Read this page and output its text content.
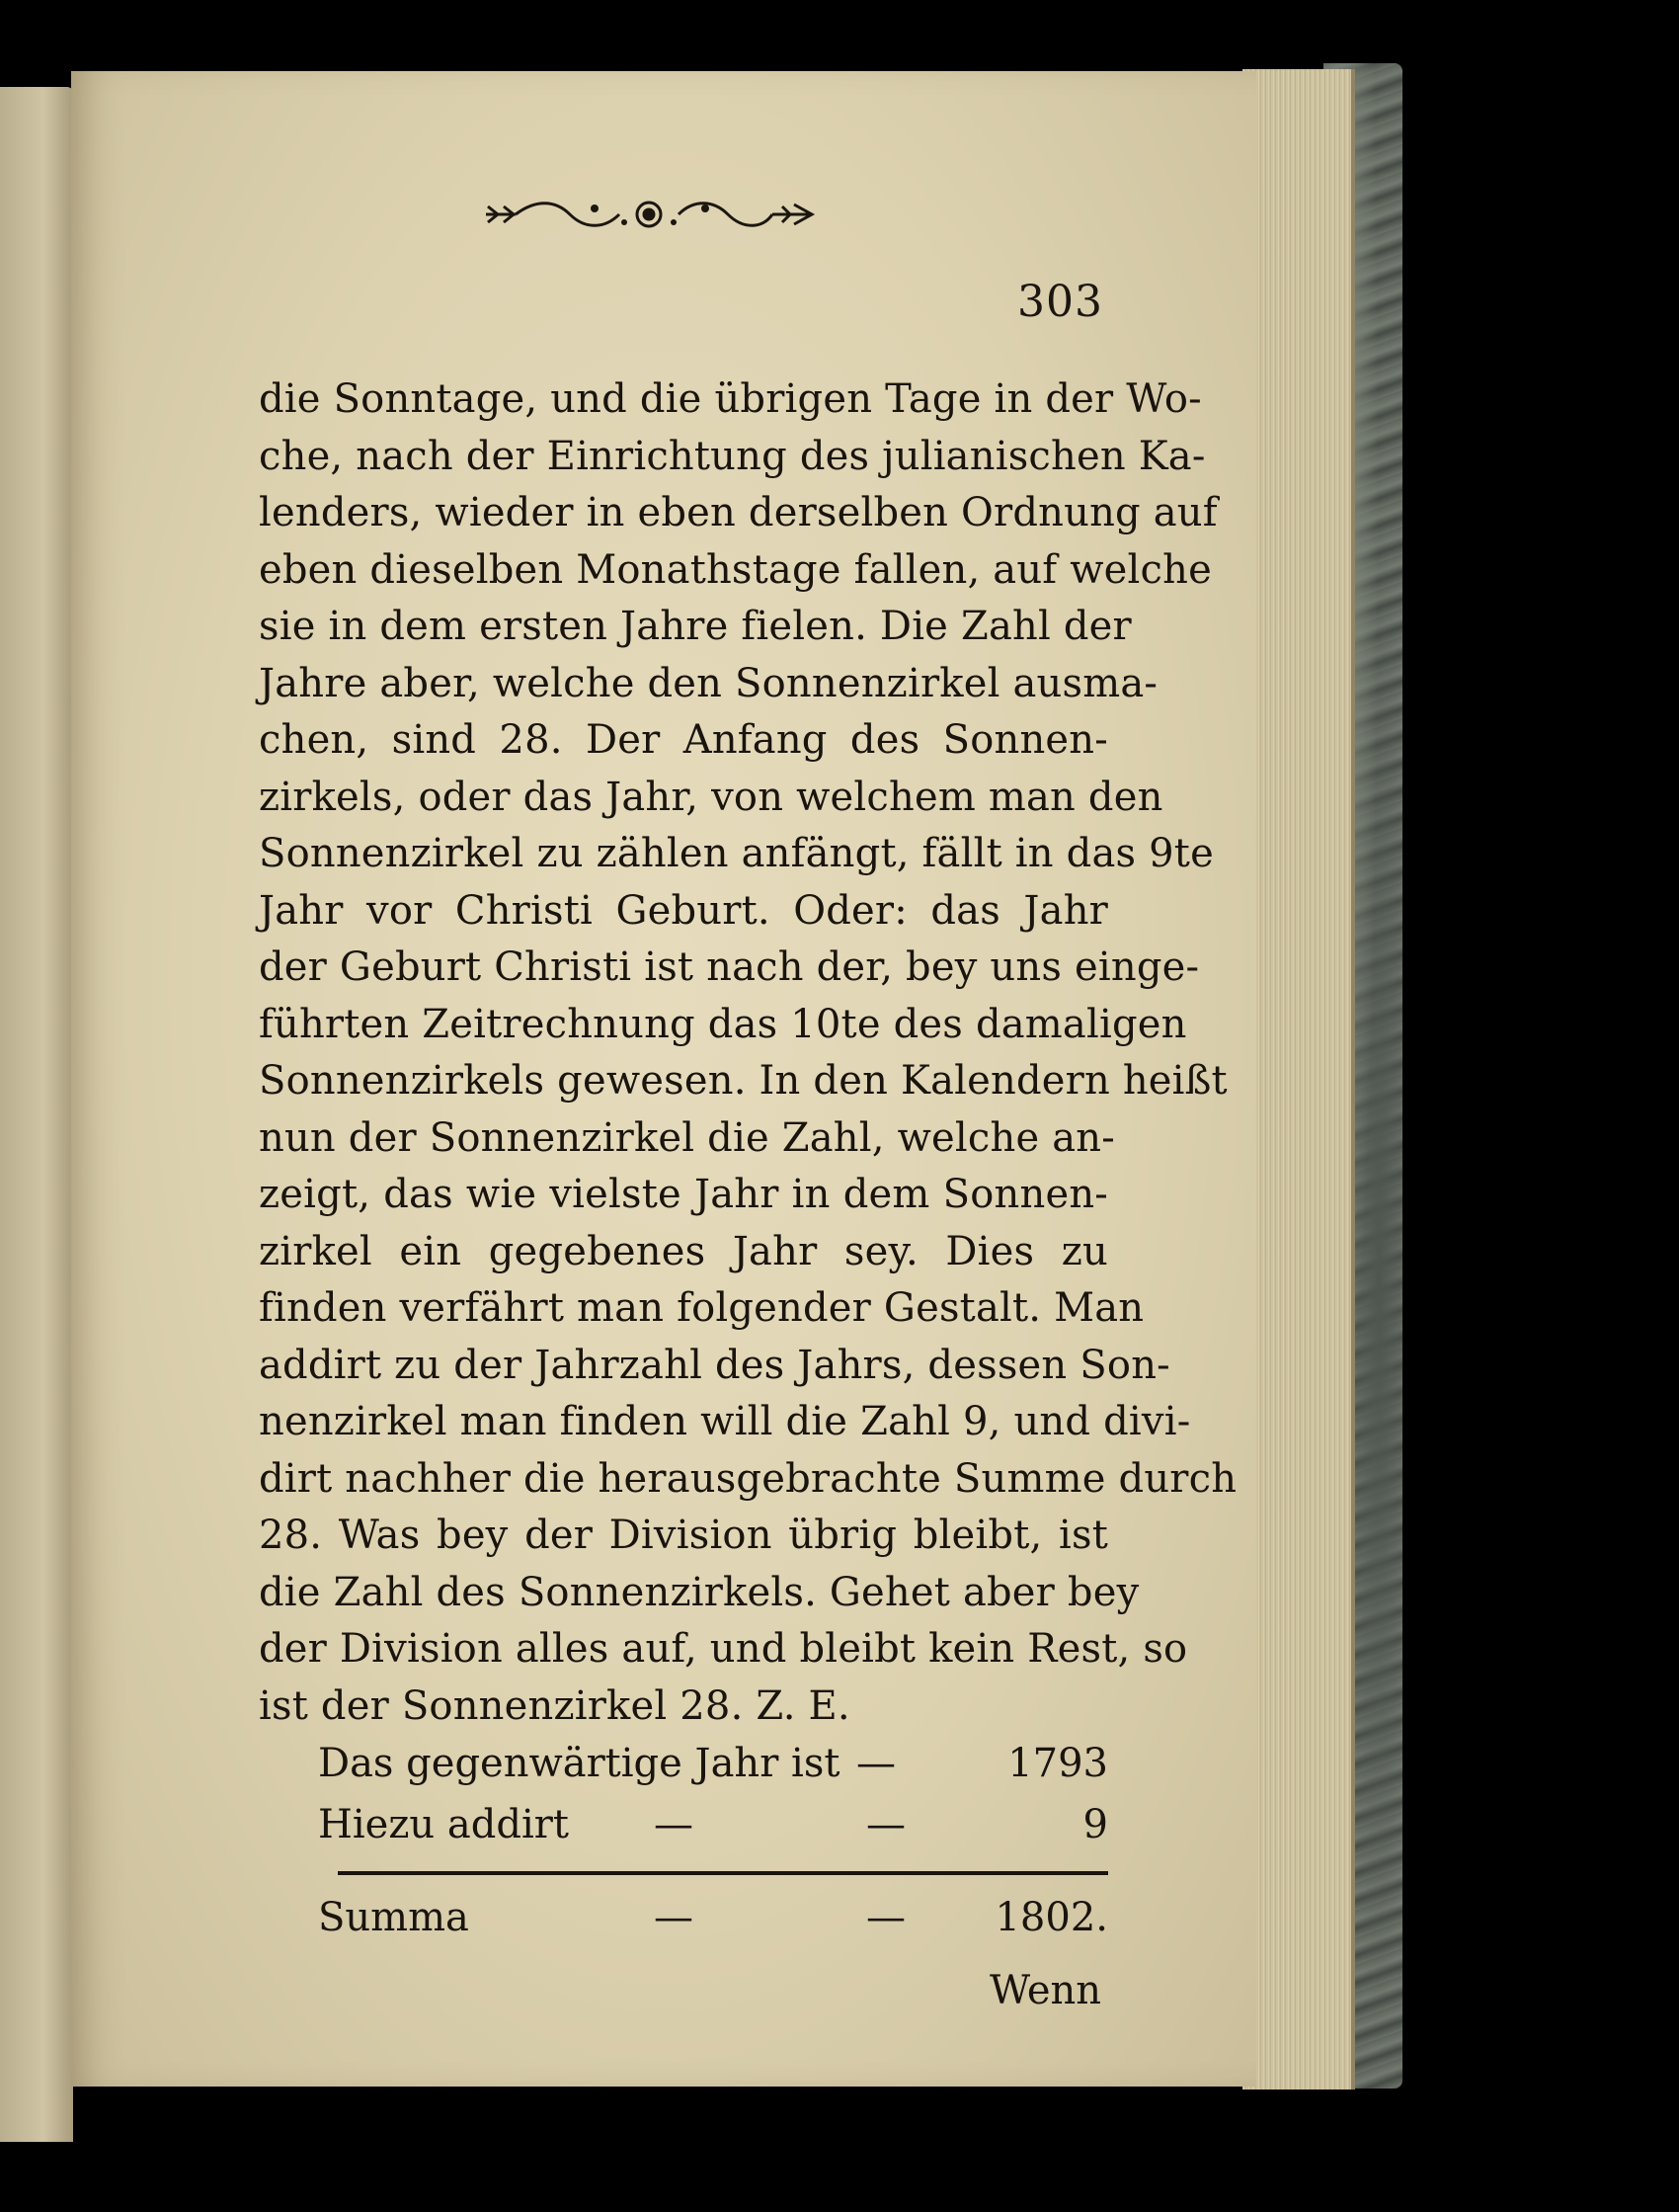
303
die Sonntage, und die übrigen Tage in der Wo-
che, nach der Einrichtung des julianischen Ka-
lenders, wieder in eben derselben Ordnung auf
eben dieselben Monathstage fallen, auf welche
sie in dem ersten Jahre fielen. Die Zahl der
Jahre aber, welche den Sonnenzirkel ausma-
chen, sind 28. Der Anfang des Sonnen-
zirkels, oder das Jahr, von welchem man den
Sonnenzirkel zu zählen anfängt, fällt in das 9te
Jahr vor Christi Geburt. Oder: das Jahr
der Geburt Christi ist nach der, bey uns einge-
führten Zeitrechnung das 10te des damaligen
Sonnenzirkels gewesen. In den Kalendern heißt
nun der Sonnenzirkel die Zahl, welche an-
zeigt, das wie vielste Jahr in dem Sonnen-
zirkel ein gegebenes Jahr sey. Dies zu
finden verfährt man folgender Gestalt. Man
addirt zu der Jahrzahl des Jahrs, dessen Son-
nenzirkel man finden will die Zahl 9, und divi-
dirt nachher die herausgebrachte Summe durch
28. Was bey der Division übrig bleibt, ist
die Zahl des Sonnenzirkels. Gehet aber bey
der Division alles auf, und bleibt kein Rest, so
ist der Sonnenzirkel 28. Z. E.
Das gegenwärtige Jahr ist —	1793
Hiezu addirt —	—	9
Summa	—	— 1802.
Wenn
